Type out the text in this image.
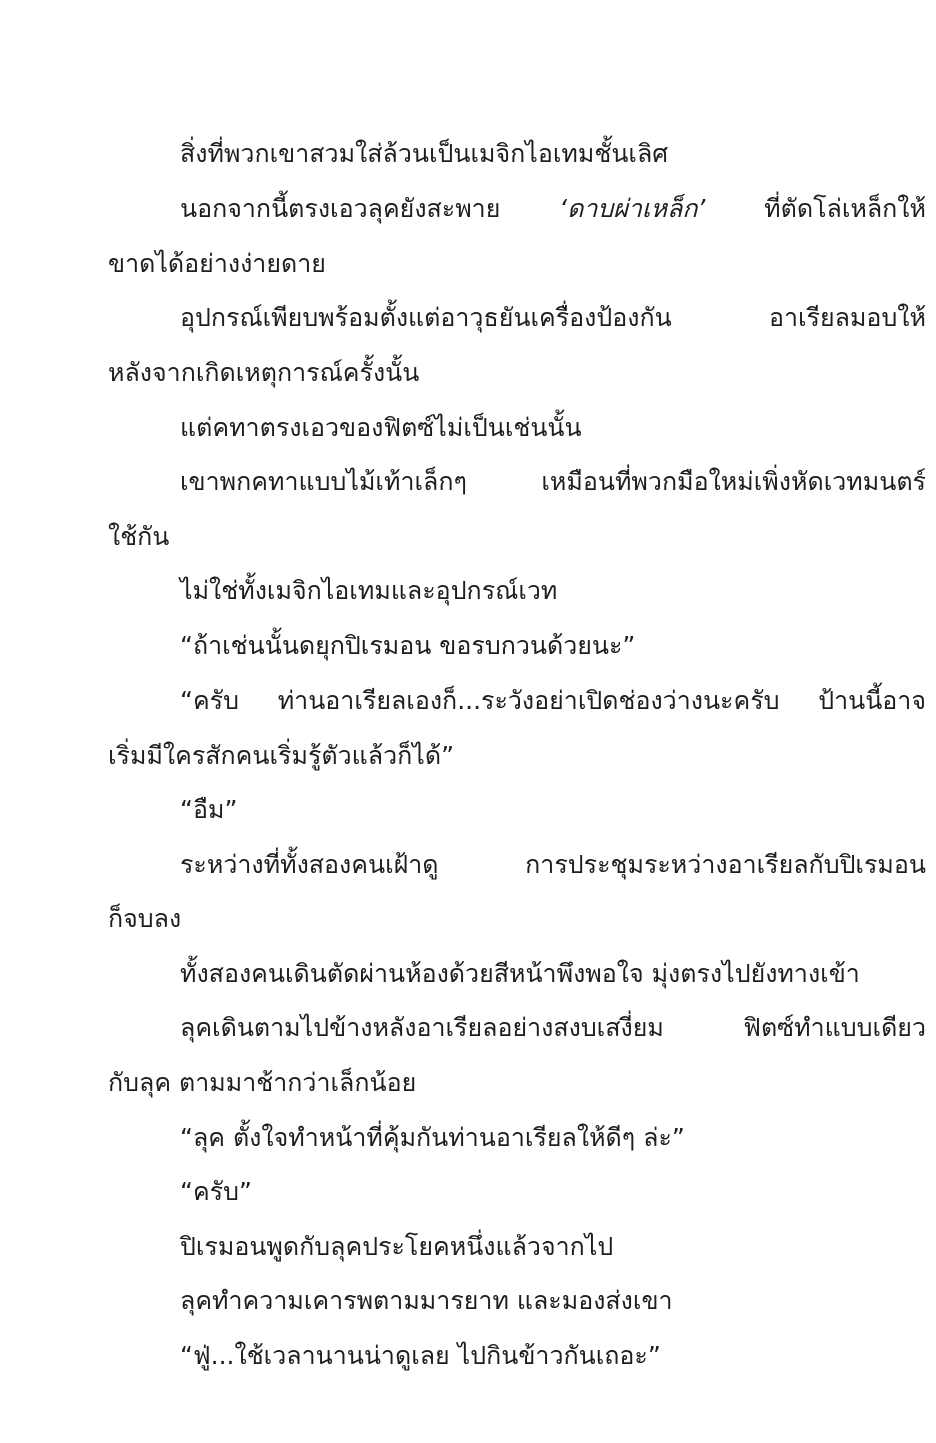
สิ่งที่พวกเขาสวมใส่ล้วนเป็นเมจิกไอเทมชั้นเลิศ
นอกจากนี้ตรงเอวลุคยังสะพาย ‘ดาบผ่าเหล็ก’ ที่ตัดโล่เหล็กให้
ขาดได้อย่างง่ายดาย
อุปกรณ์เพียบพร้อมตั้งแต่อาวุธยันเครื่องป้องกัน	อาเรียลมอบให้
หลังจากเกิดเหตุการณ์ครั้งนั้น
แต่คทาตรงเอวของฟิตซ์ไม่เป็นเช่นนั้น
เขาพกคทาแบบไม้เท้าเล็กๆ	เหมือนที่พวกมือใหม่เพิ่งหัดเวทมนตร์
ใช้กัน
ไม่ใช่ทั้งเมจิกไอเทมและอุปกรณ์เวท
“ถ้าเช่นนั้นดยุกปิเรมอน ขอรบกวนด้วยนะ”
“ครับ ท่านอาเรียลเองก็...ระวังอย่าเปิดช่องว่างนะครับ ป้านนี้อาจ
เริ่มมีใครสักคนเริ่มรู้ตัวแล้วก็ได้”
“อืม”
ระหว่างที่ทั้งสองคนเฝ้าดู	การประชุมระหว่างอาเรียลกับปิเรมอน
ก็จบลง
ทั้งสองคนเดินตัดผ่านห้องด้วยสีหน้าพึงพอใจ มุ่งตรงไปยังทางเข้า
ลุคเดินตามไปข้างหลังอาเรียลอย่างสงบเสงี่ยม	ฟิตซ์ทำแบบเดียว
กับลุค ตามมาช้ากว่าเล็กน้อย
“ลุค ตั้งใจทำหน้าที่คุ้มกันท่านอาเรียลให้ดีๆ ล่ะ”
“ครับ”
ปิเรมอนพูดกับลุคประโยคหนึ่งแล้วจากไป
ลุคทำความเคารพตามมารยาท และมองส่งเขา
“ฟู่...ใช้เวลานานน่าดูเลย ไปกินข้าวกันเถอะ”
